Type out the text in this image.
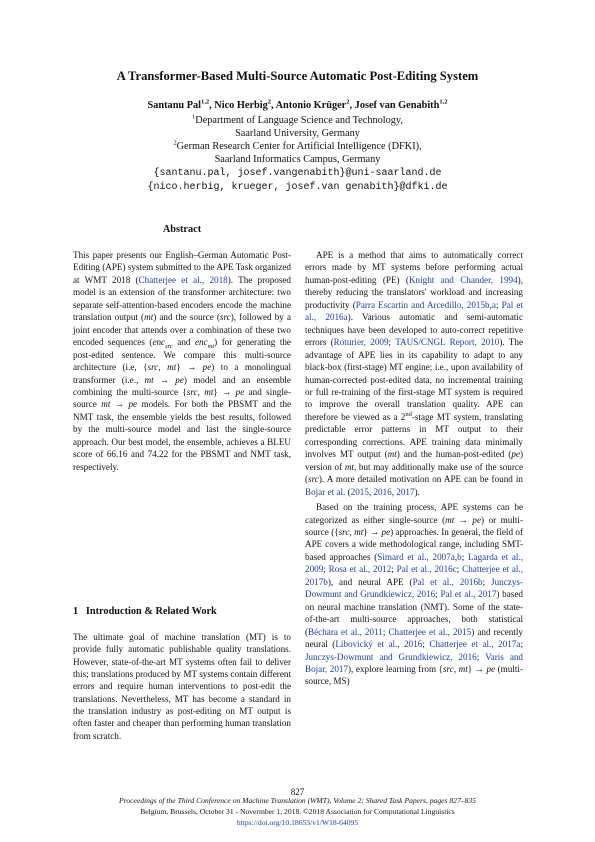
A Transformer-Based Multi-Source Automatic Post-Editing System
Santanu Pal$^{1,2}$, Nico Herbig$^2$, Antonio Krüger$^2$, Josef van Genabith$^{1,2}$
$^1$Department of Language Science and Technology,
Saarland University, Germany
$^2$German Research Center for Artificial Intelligence (DFKI),
Saarland Informatics Campus, Germany
{santanu.pal, josef.vangenabith}@uni-saarland.de
{nico.herbig, krueger, josef.van genabith}@dfki.de
Abstract

This paper presents our English–German Automatic Post-Editing (APE) system submitted to the APE Task organized at WMT 2018 (Chatterjee et al., 2018). The proposed model is an extension of the transformer architecture: two separate self-attention-based encoders encode the machine translation output (mt) and the source (src), followed by a joint encoder that attends over a combination of these two encoded sequences (enc$_{src}$ and enc$_{mt}$) for generating the post-edited sentence. We compare this multi-source architecture (i.e, {src, mt} → pe) to a monolingual transformer (i.e., mt → pe) model and an ensemble combining the multi-source {src, mt} → pe and single-source mt → pe models. For both the PBSMT and the NMT task, the ensemble yields the best results, followed by the multi-source model and last the single-source approach. Our best model, the ensemble, achieves a BLEU score of 66.16 and 74.22 for the PBSMT and NMT task, respectively.

1   Introduction & Related Work

The ultimate goal of machine translation (MT) is to provide fully automatic publishable quality translations. However, state-of-the-art MT systems often fail to deliver this; translations produced by MT systems contain different errors and require human interventions to post-edit the translations. Nevertheless, MT has become a standard in the translation industry as post-editing on MT output is often faster and cheaper than performing human translation from scratch.

APE is a method that aims to automatically correct errors made by MT systems before performing actual human-post-editing (PE) (Knight and Chander, 1994), thereby reducing the translators' workload and increasing productivity (Parra Escartín and Arcedillo, 2015b,a; Pal et al., 2016a). Various automatic and semi-automatic techniques have been developed to auto-correct repetitive errors (Roturier, 2009; TAUS/CNGL Report, 2010). The advantage of APE lies in its capability to adapt to any black-box (first-stage) MT engine; i.e., upon availability of human-corrected post-edited data, no incremental training or full re-training of the first-stage MT system is required to improve the overall translation quality. APE can therefore be viewed as a 2nd-stage MT system, translating predictable error patterns in MT output to their corresponding corrections. APE training data minimally involves MT output (mt) and the human-post-edited (pe) version of mt, but may additionally make use of the source (src). A more detailed motivation on APE can be found in Bojar et al. (2015, 2016, 2017).

Based on the training process, APE systems can be categorized as either single-source (mt → pe) or multi-source ({src, mt} → pe) approaches. In general, the field of APE covers a wide methodological range, including SMT-based approaches (Simard et al., 2007a,b; Lagarda et al., 2009; Rosa et al., 2012; Pal et al., 2016c; Chatterjee et al., 2017b), and neural APE (Pal et al., 2016b; Junczys-Dowmunt and Grundkiewicz, 2016; Pal et al., 2017) based on neural machine translation (NMT). Some of the state-of-the-art multi-source approaches, both statistical (Béchara et al., 2011; Chatterjee et al., 2015) and recently neural (Libovický et al., 2016; Chatterjee et al., 2017a; Junczys-Dowmunt and Grundkiewicz, 2016; Varis and Bojar, 2017), explore learning from {src, mt} → pe (multi-source, MS)

827
Proceedings of the Third Conference on Machine Translation (WMT), Volume 2: Shared Task Papers, pages 827–835
Belgium, Brussels, October 31 - Novermber 1, 2018. ©2018 Association for Computational Linguistics
https://doi.org/10.18653/v1/W18-64095
